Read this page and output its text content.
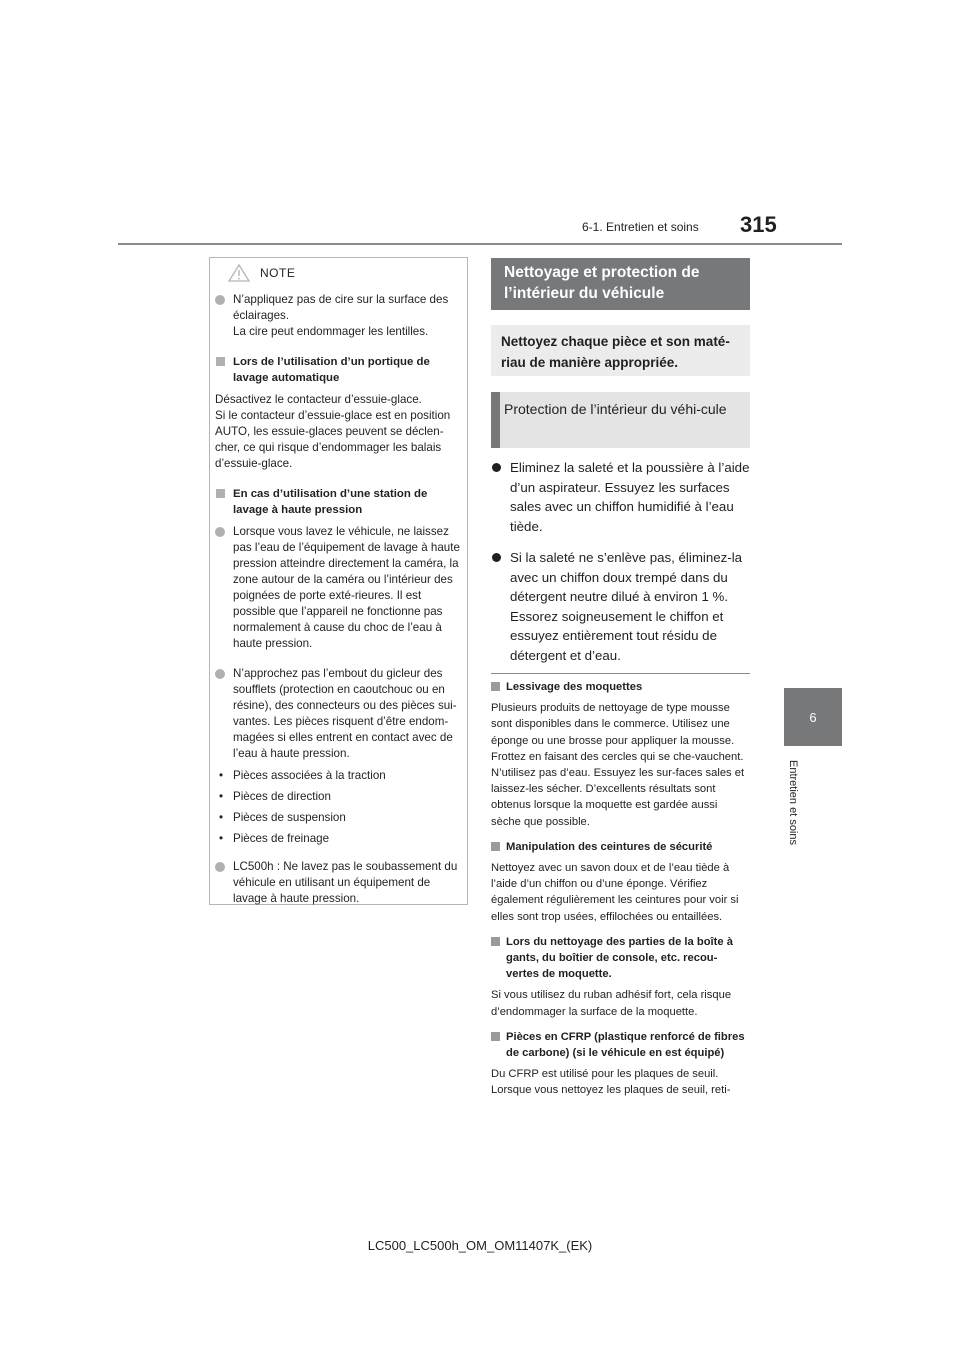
6-1. Entretien et soins 315
6
Entretien et soins
NOTE
N’appliquez pas de cire sur la surface des éclairages.
La cire peut endommager les lentilles.
Lors de l’utilisation d’un portique de lavage automatique
Désactivez le contacteur d’essuie-glace.
Si le contacteur d’essuie-glace est en position AUTO, les essuie-glaces peuvent se déclen-cher, ce qui risque d’endommager les balais d’essuie-glace.
En cas d’utilisation d’une station de lavage à haute pression
Lorsque vous lavez le véhicule, ne laissez pas l’eau de l’équipement de lavage à haute pression atteindre directement la caméra, la zone autour de la caméra ou l’intérieur des poignées de porte exté-rieures. Il est possible que l’appareil ne fonctionne pas normalement à cause du choc de l’eau à haute pression.
N’approchez pas l’embout du gicleur des soufflets (protection en caoutchouc ou en résine), des connecteurs ou des pièces sui-vantes. Les pièces risquent d’être endom-magées si elles entrent en contact avec de l’eau à haute pression.
• Pièces associées à la traction
• Pièces de direction
• Pièces de suspension
• Pièces de freinage
LC500h : Ne lavez pas le soubassement du véhicule en utilisant un équipement de lavage à haute pression.
Nettoyage et protection de l’intérieur du véhicule
Nettoyez chaque pièce et son maté-riau de manière appropriée.
Protection de l’intérieur du véhi-cule
Eliminez la saleté et la poussière à l’aide d’un aspirateur. Essuyez les surfaces sales avec un chiffon humidifié à l’eau tiède.
Si la saleté ne s’enlève pas, éliminez-la avec un chiffon doux trempé dans du détergent neutre dilué à environ 1 %. Essorez soigneusement le chiffon et essuyez entièrement tout résidu de détergent et d’eau.
Lessivage des moquettes
Plusieurs produits de nettoyage de type mousse sont disponibles dans le commerce. Utilisez une éponge ou une brosse pour appliquer la mousse. Frottez en faisant des cercles qui se che-vauchent. N’utilisez pas d’eau. Essuyez les sur-faces sales et laissez-les sécher. D’excellents résultats sont obtenus lorsque la moquette est gardée aussi sèche que possible.
Manipulation des ceintures de sécurité
Nettoyez avec un savon doux et de l’eau tiède à l’aide d’un chiffon ou d’une éponge. Vérifiez également régulièrement les ceintures pour voir si elles sont trop usées, effilochées ou entaillées.
Lors du nettoyage des parties de la boîte à gants, du boîtier de console, etc. recou-vertes de moquette.
Si vous utilisez du ruban adhésif fort, cela risque d’endommager la surface de la moquette.
Pièces en CFRP (plastique renforcé de fibres de carbone) (si le véhicule en est équipé)
Du CFRP est utilisé pour les plaques de seuil. Lorsque vous nettoyez les plaques de seuil, reti-
LC500_LC500h_OM_OM11407K_(EK)
